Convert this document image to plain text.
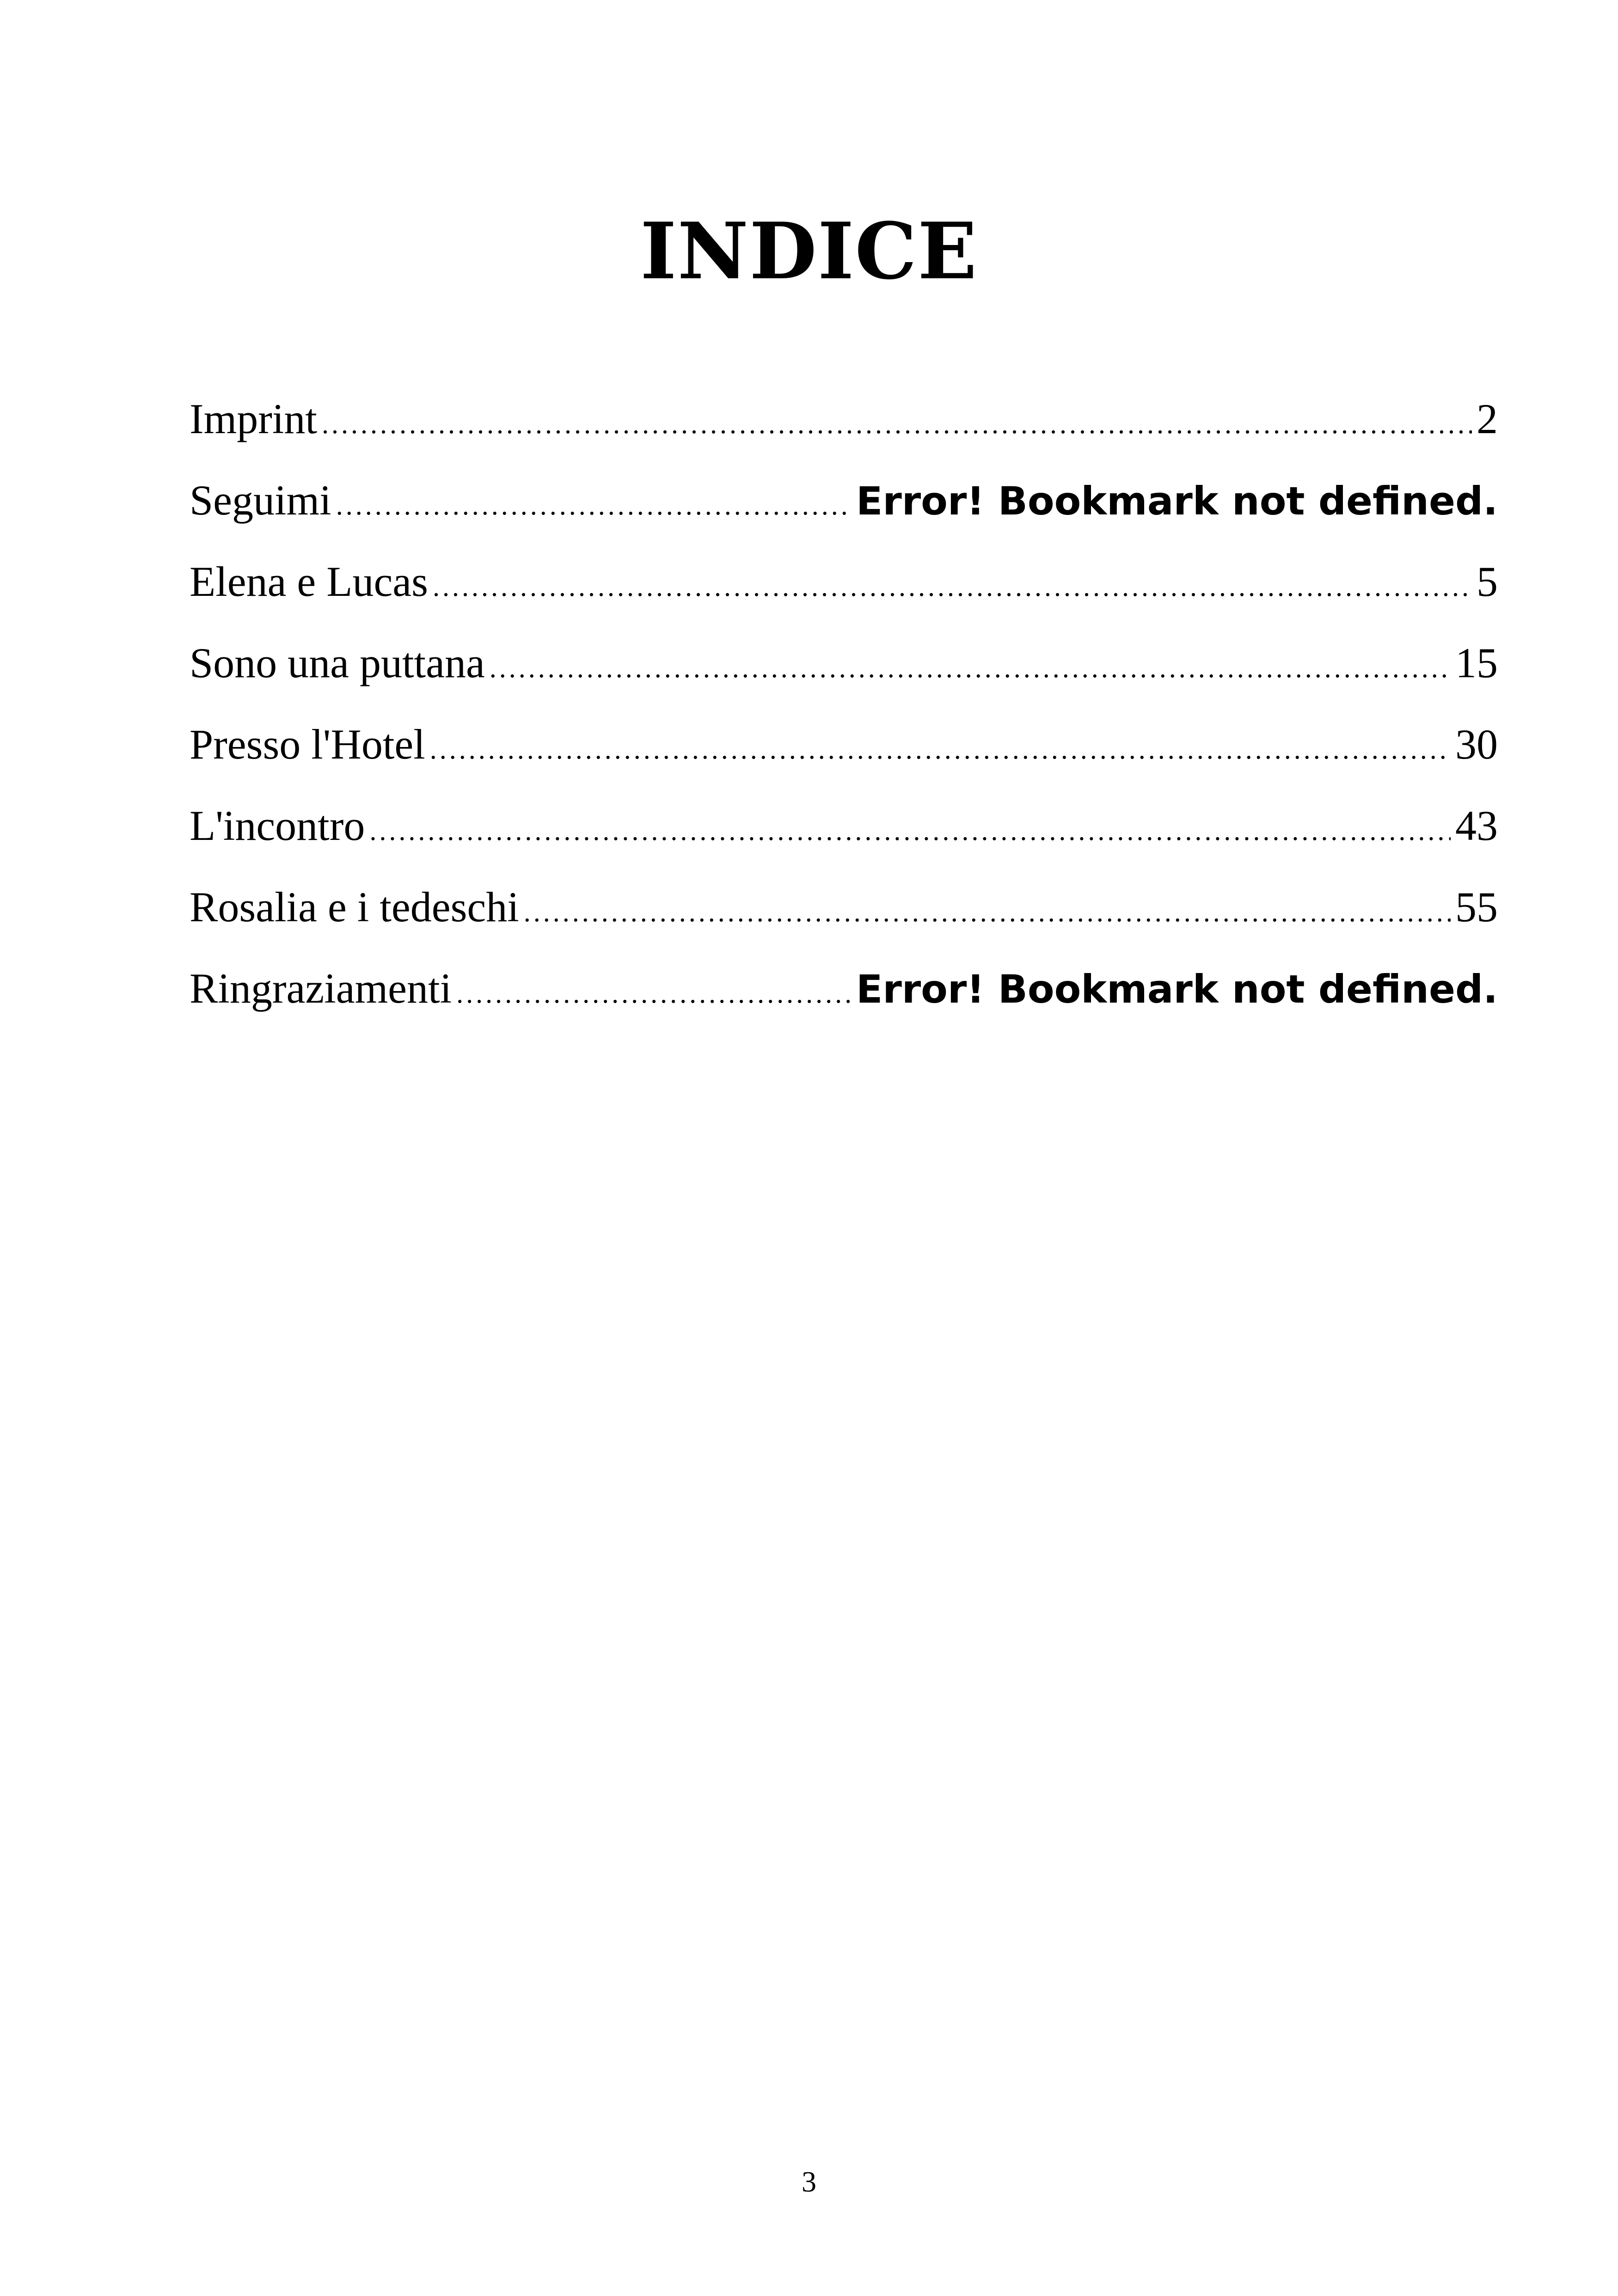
INDICE
Imprint .....	2
Seguimi .....	Error! Bookmark not defined.
Elena e Lucas .....	5
Sono una puttana .....	15
Presso l'Hotel .....	30
L'incontro .....	43
Rosalia e i tedeschi .....	55
Ringraziamenti .....	Error! Bookmark not defined.
3
